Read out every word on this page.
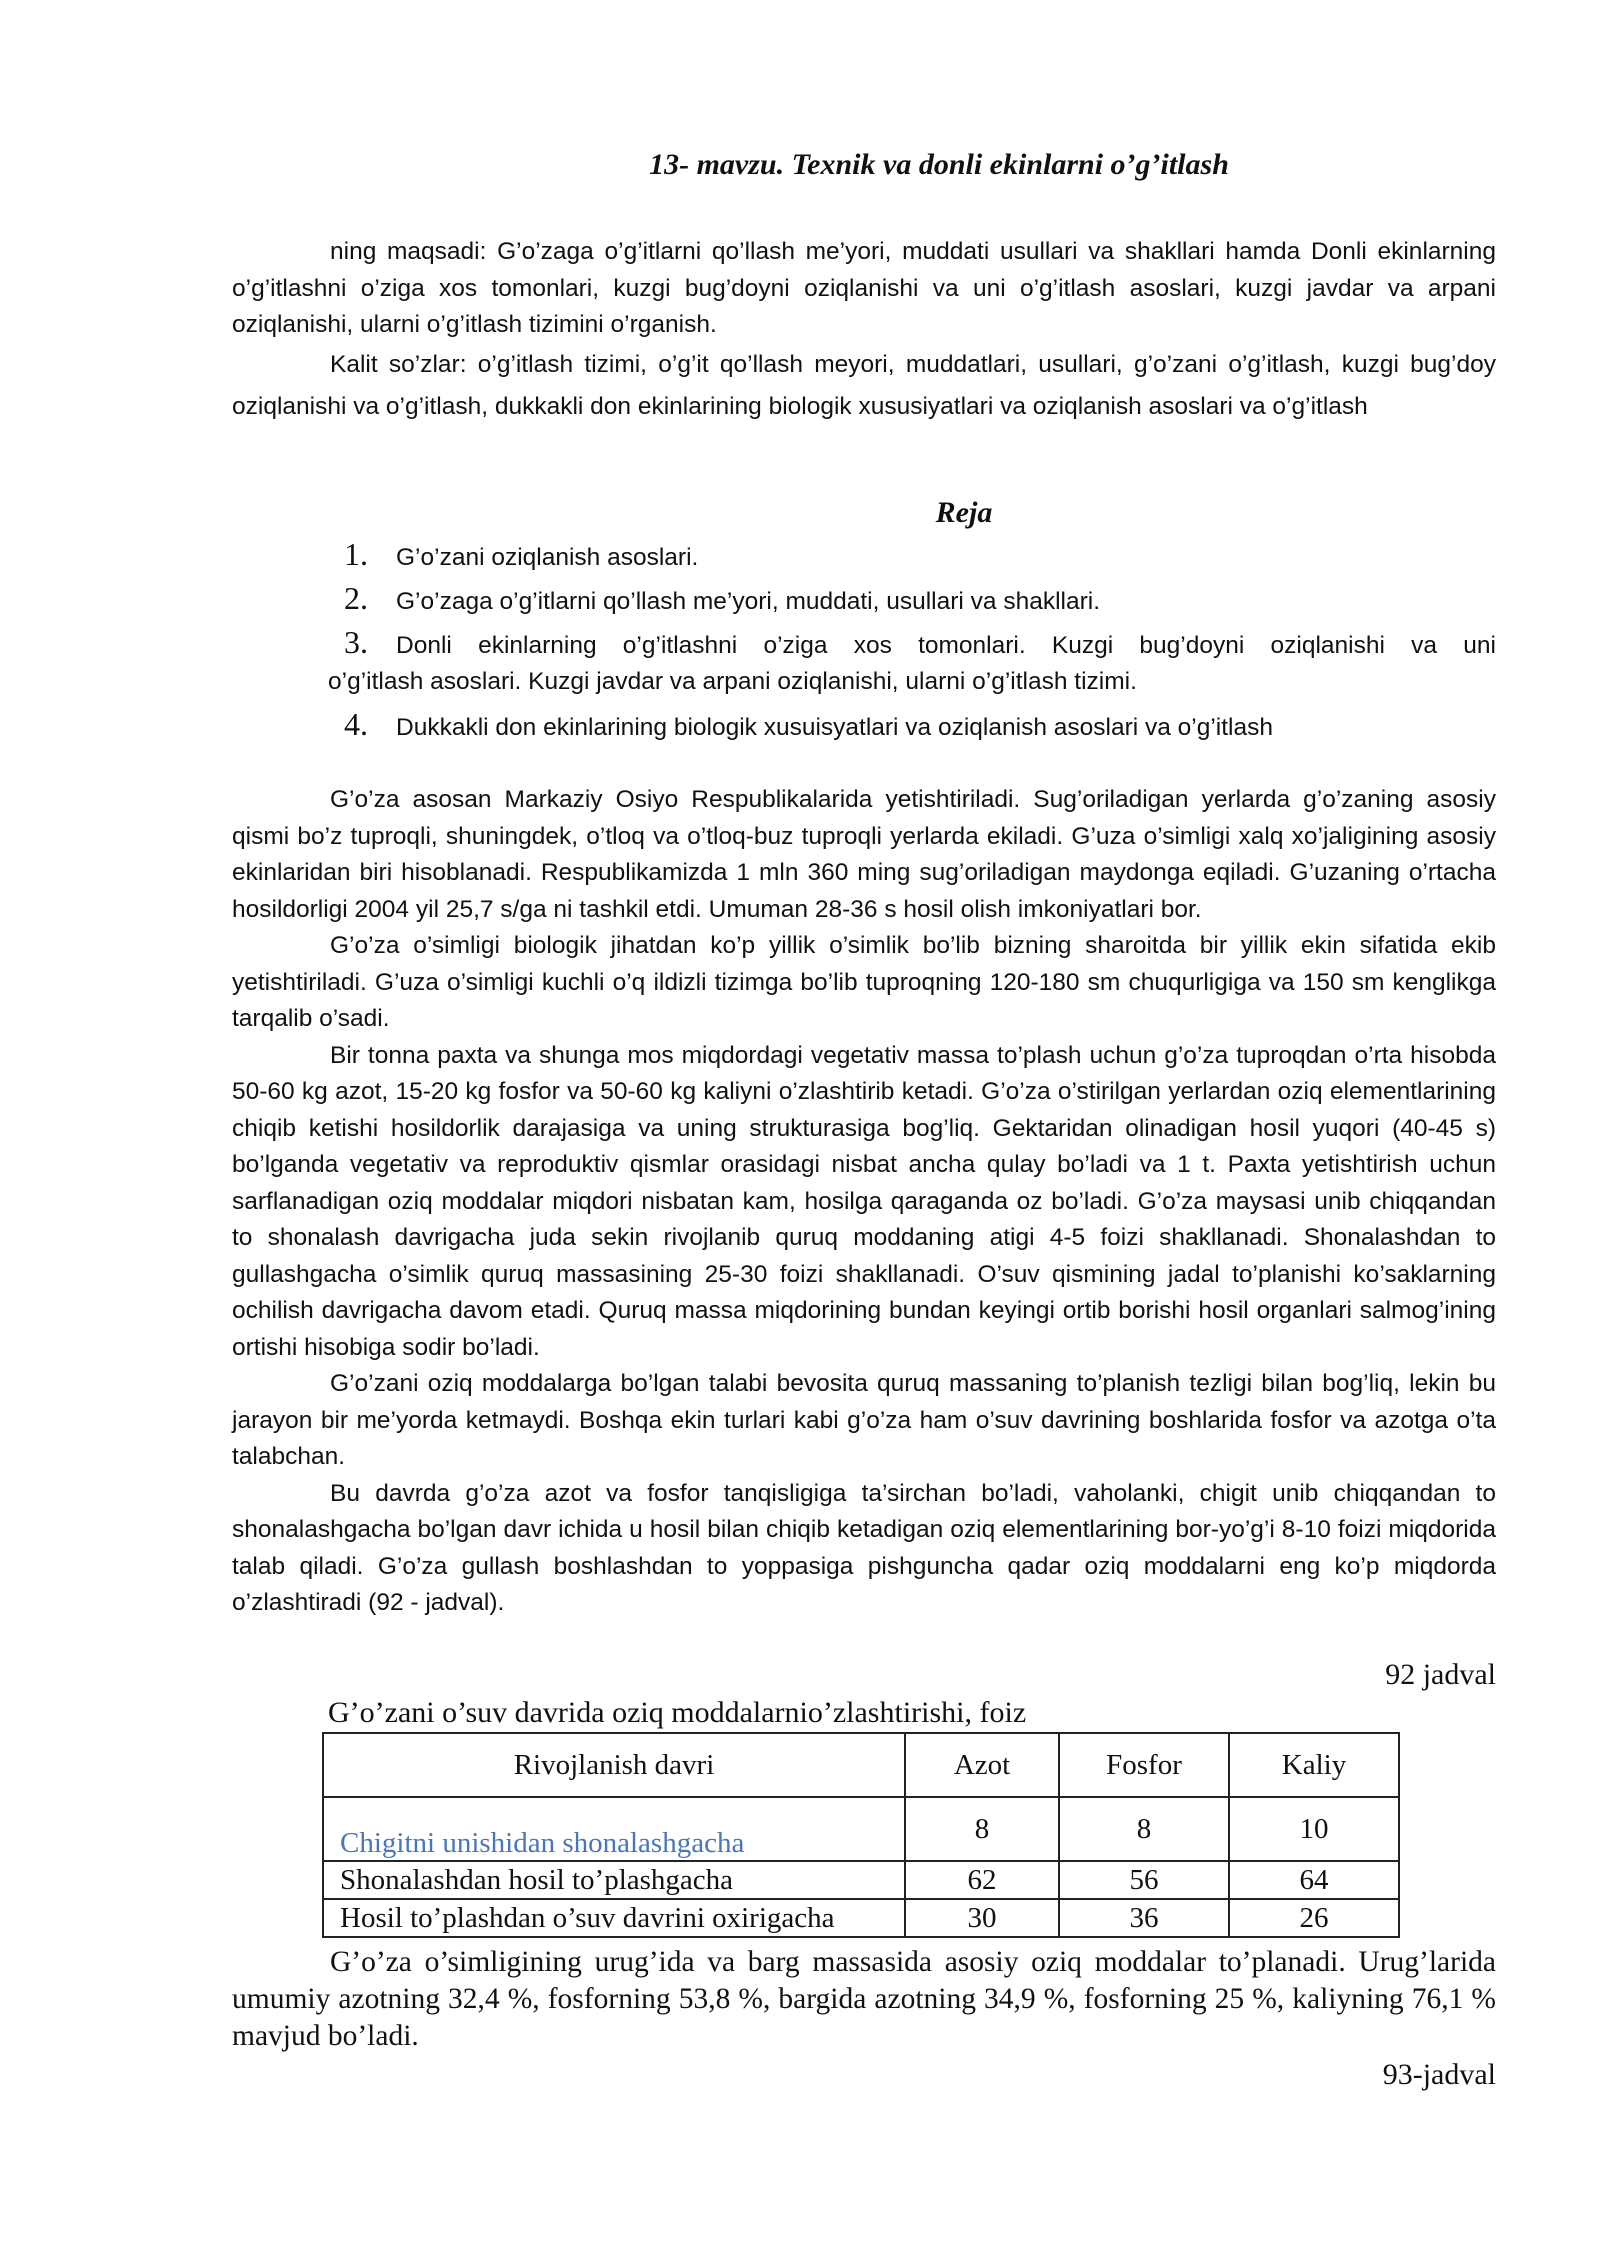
13- mavzu. Texnik va donli ekinlarni o’g’itlash

ning maqsadi: G’o’zaga o’g’itlarni qo’llash me’yori, muddati usullari va shakllari hamda Donli ekinlarning o’g’itlashni o’ziga xos tomonlari, kuzgi bug’doyni oziqlanishi va uni o’g’itlash asoslari, kuzgi javdar va arpani oziqlanishi, ularni o’g’itlash tizimini o’rganish.

Kalit so’zlar: o’g’itlash tizimi, o’g’it qo’llash meyori, muddatlari, usullari, g’o’zani o’g’itlash, kuzgi bug’doy oziqlanishi va o’g’itlash, dukkakli don ekinlarining biologik xususiyatlari va oziqlanish asoslari va o’g’itlash

Reja
1.	G’o’zani oziqlanish asoslari.
2.	G’o’zaga o’g’itlarni qo’llash me’yori, muddati, usullari va shakllari.
3.	Donli ekinlarning o’g’itlashni o’ziga xos tomonlari. Kuzgi bug’doyni oziqlanishi va uni
o’g’itlash asoslari. Kuzgi javdar va arpani oziqlanishi, ularni o’g’itlash tizimi.
4.	Dukkakli don ekinlarining biologik xusuisyatlari va oziqlanish asoslari va o’g’itlash

G’o’za asosan Markaziy Osiyo Respublikalarida yetishtiriladi. Sug’oriladigan yerlarda g’o’zaning asosiy qismi bo’z tuproqli, shuningdek, o’tloq va o’tloq-buz tuproqli yerlarda ekiladi. G’uza o’simligi xalq xo’jaligining asosiy ekinlaridan biri hisoblanadi. Respublikamizda 1 mln 360 ming sug’oriladigan maydonga eqiladi. G’uzaning o’rtacha hosildorligi 2004 yil 25,7 s/ga ni tashkil etdi. Umuman 28-36 s hosil olish imkoniyatlari bor.

G’o’za o’simligi biologik jihatdan ko’p yillik o’simlik bo’lib bizning sharoitda bir yillik ekin sifatida ekib yetishtiriladi. G’uza o’simligi kuchli o’q ildizli tizimga bo’lib tuproqning 120-180 sm chuqurligiga va 150 sm kenglikga tarqalib o’sadi.

Bir tonna paxta va shunga mos miqdordagi vegetativ massa to’plash uchun g’o’za tuproqdan o’rta hisobda 50-60 kg azot, 15-20 kg fosfor va 50-60 kg kaliyni o’zlashtirib ketadi. G’o’za o’stirilgan yerlardan oziq elementlarining chiqib ketishi hosildorlik darajasiga va uning strukturasiga bog’liq. Gektaridan olinadigan hosil yuqori (40-45 s) bo’lganda vegetativ va reproduktiv qismlar orasidagi nisbat ancha qulay bo’ladi va 1 t. Paxta yetishtirish uchun sarflanadigan oziq moddalar miqdori nisbatan kam, hosilga qaraganda oz bo’ladi. G’o’za maysasi unib chiqqandan to shonalash davrigacha juda sekin rivojlanib quruq moddaning atigi 4-5 foizi shakllanadi. Shonalashdan to gullashgacha o’simlik quruq massasining 25-30 foizi shakllanadi. O’suv qismining jadal to’planishi ko’saklarning ochilish davrigacha davom etadi. Quruq massa miqdorining bundan keyingi ortib borishi hosil organlari salmog’ining ortishi hisobiga sodir bo’ladi.

G’o’zani oziq moddalarga bo’lgan talabi bevosita quruq massaning to’planish tezligi bilan bog’liq, lekin bu jarayon bir me’yorda ketmaydi. Boshqa ekin turlari kabi g’o’za ham o’suv davrining boshlarida fosfor va azotga o’ta talabchan.

Bu davrda g’o’za azot va fosfor tanqisligiga ta’sirchan bo’ladi, vaholanki, chigit unib chiqqandan to shonalashgacha bo’lgan davr ichida u hosil bilan chiqib ketadigan oziq elementlarining bor-yo’g’i 8-10 foizi miqdorida talab qiladi. G’o’za gullash boshlashdan to yoppasiga pishguncha qadar oziq moddalarni eng ko’p miqdorda o’zlashtiradi (92 - jadval).

92 jadval
G’o’zani o’suv davrida oziq moddalarnio’zlashtirishi, foiz
Rivojlanish davri	Azot	Fosfor	Kaliy
Chigitni unishidan shonalashgacha	8	8	10
Shonalashdan hosil to’plashgacha	62	56	64
Hosil to’plashdan o’suv davrini oxirigacha	30	36	26

G’o’za o’simligining urug’ida va barg massasida asosiy oziq moddalar to’planadi. Urug’larida umumiy azotning 32,4 %, fosforning 53,8 %, bargida azotning 34,9 %, fosforning 25 %, kaliyning 76,1 % mavjud bo’ladi.

93-jadval
